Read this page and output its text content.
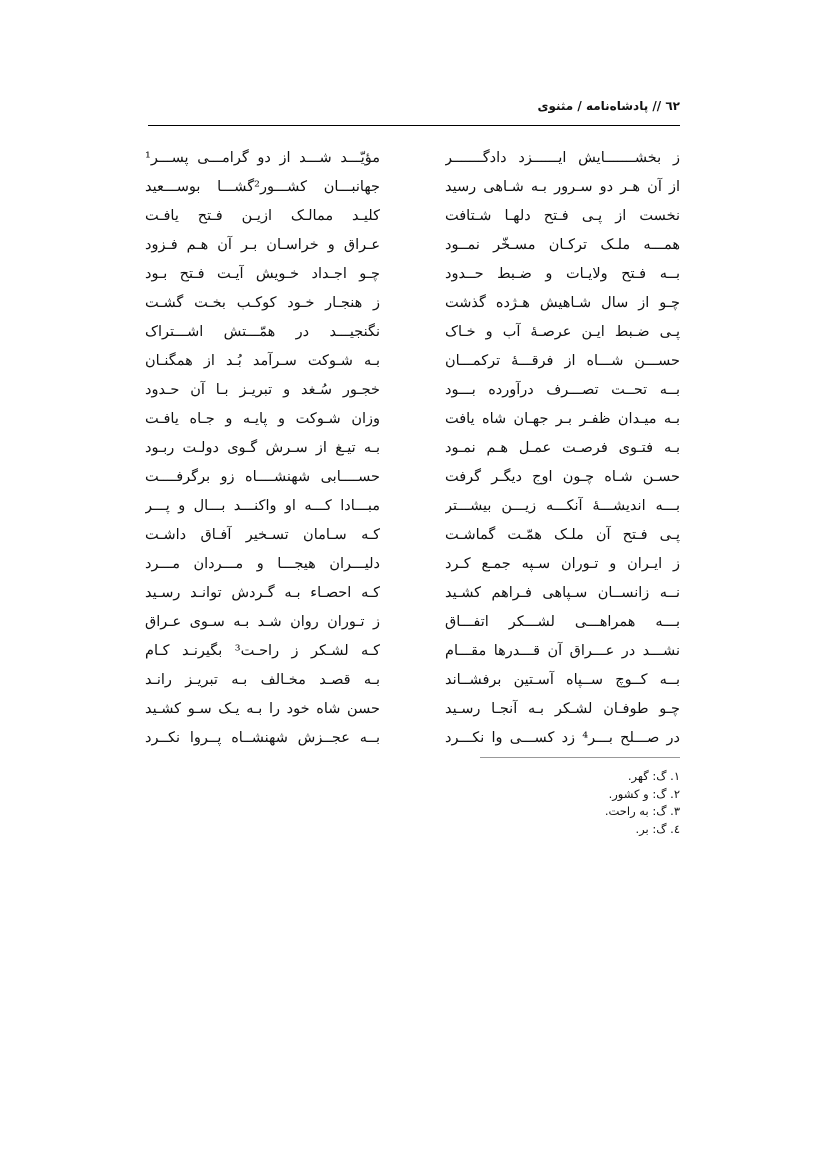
٦٢ // پادشاه‌نامه / مثنوی
ز بخشـــــــایش ایــــــزد دادگـــــــر
از آن هـر دو سـرور بـه شـاهی رسید
نخست از پـی فـتح دلهـا شـتافت
همـــه ملـک ترکـان مسـخّر نمــود
بــه فـتح ولایـات و ضـبط حــدود
چـو از سال شـاهیش هـژده گذشت
پـی ضـبط ایـن عرصـهٔ آب و خـاک
حســـن شـــاه از فرقـــهٔ ترکمـــان
بــه تحــت تصـــرف درآورده بـــود
بـه میـدان ظفـر بـر جهـان شاه یافت
بـه فتـوی فرصـت عمـل هـم نمـود
حسـن شـاه چـون اوج دیگـر گرفت
بـــه اندیشـــهٔ آنکـــه زیـــن بیشـــتر
پـی فـتح آن ملـک همّـت گماشـت
ز ایـران و تـوران سـپه جمـع کـرد
نــه زانســان سـپاهی فـراهم کشـید
بـــه همراهـــی لشـــکر اتفـــاق
نشـــد در عـــراق آن قـــدرها مقـــام
بــه کــوچ ســپاه آسـتین برفشــاند
چـو طوفـان لشـکر بـه آنجـا رسـید
در صـــلح بـــر⁴ زد کســـی وا نکـــرد
مؤیّـــد شـــد از دو گرامـــی پســـر¹
جهانبـــان کشـــور²گشـــا بوســـعید
کلیـد ممالـک ازیـن فـتح یافـت
عـراق و خراسـان بـر آن هـم فـزود
چـو اجـداد خـویش آیـت فـتح بـود
ز هنجـار خـود کوکـب بخـت گشـت
نگنجیـــد در همّـــتش اشـــتراک
بـه شـوکت سـرآمد بُـد از همگنـان
خجـور سُـغد و تبریـز بـا آن حـدود
وزان شـوکت و پایـه و جـاه یافـت
بـه تیـغ از سـرش گـوی دولـت ربـود
حســــابی شهنشــــاه زو برگرفــــت
مبـــادا کـــه او واکنـــد بـــال و پـــر
کـه سـامان تسـخیر آفـاق داشـت
دلیـــران هیجـــا و مـــردان مـــرد
کـه احصـاء بـه گـردش توانـد رسـید
ز تـوران روان شـد بـه سـوی عـراق
کـه لشـکر ز راحـت³ بگیرنـد کـام
بـه قصـد مخـالف بـه تبریـز رانـد
حسن شاه خود را بـه یـک سـو کشـید
بــه عجــزش شهنشــاه پــروا نکــرد
١. گ: گهر.
٢. گ: و کشور.
٣. گ: به راحت.
٤. گ: بر.
